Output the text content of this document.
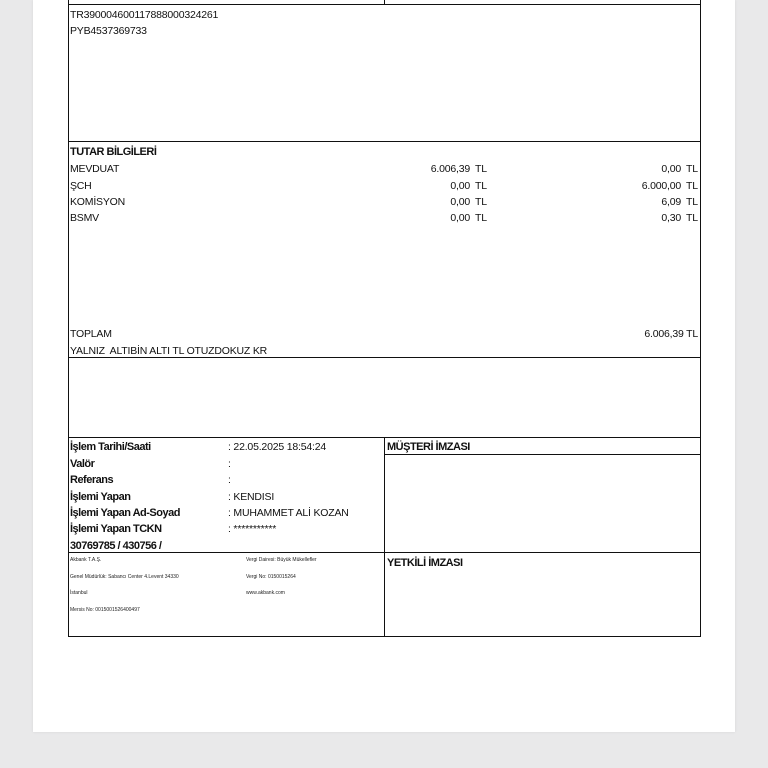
TR390004600117888000324261
PYB4537369733
TUTAR BİLGİLERİ
MEVDUAT	6.006,39 TL	0,00 TL
ŞCH	0,00 TL	6.000,00 TL
KOMİSYON	0,00 TL	6,09 TL
BSMV	0,00 TL	0,30 TL
TOPLAM	6.006,39 TL
YALNIZ  ALTIBİN ALTI TL OTUZDOKUZ KR
İşlem Tarihi/Saati	: 22.05.2025 18:54:24
Valör	:
Referans	:
İşlemi Yapan	: KENDISI
İşlemi Yapan Ad-Soyad	: MUHAMMET ALİ KOZAN
İşlemi Yapan TCKN	: ***********
30769785 / 430756 /
MÜŞTERİ İMZASI
YETKİLİ İMZASI
Akbank T.A.Ş.
Genel Müdürlük: Sabancı Center 4.Levent 34330
İstanbul
Mersis No: 0015001526400497
Vergi Dairesi: Büyük Mükellefler
Vergi No: 0150015264
www.akbank.com
